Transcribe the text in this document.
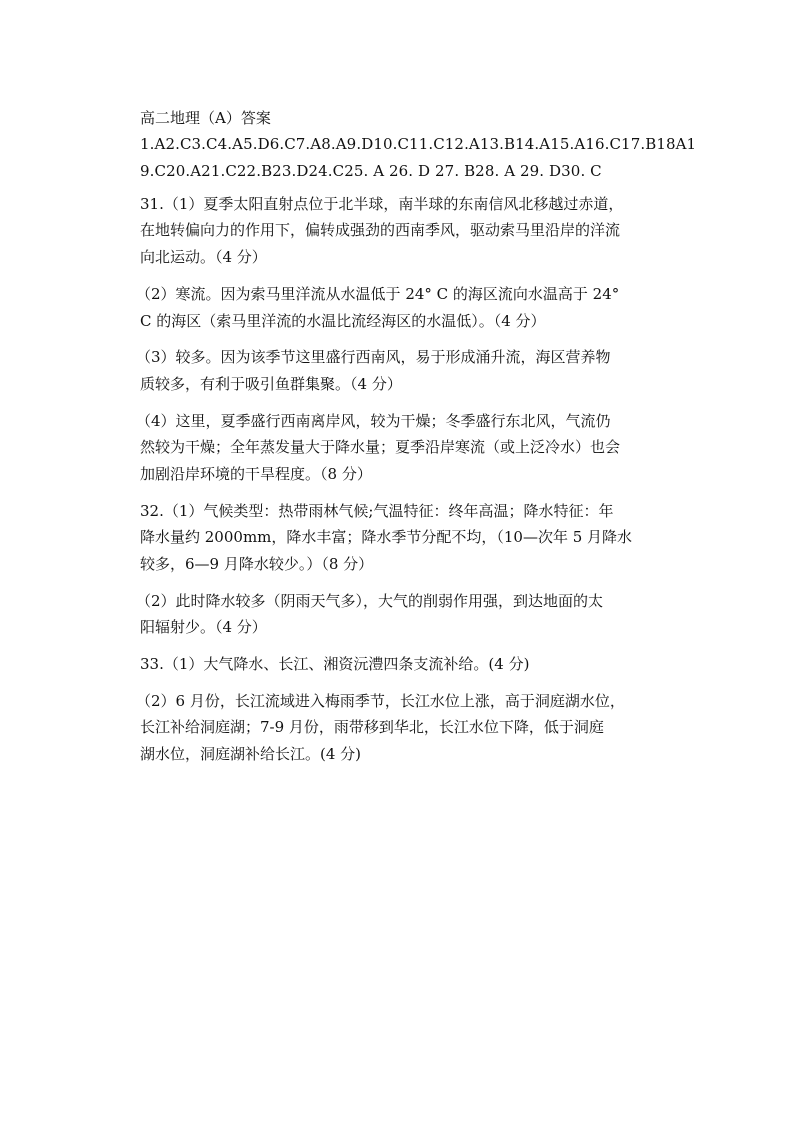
高二地理（A）答案

1.A2.C3.C4.A5.D6.C7.A8.A9.D10.C11.C12.A13.B14.A15.A16.C17.B18A1

9.C20.A21.C22.B23.D24.C25. A 26. D 27. B28. A 29. D30. C

31.（1）夏季太阳直射点位于北半球，南半球的东南信风北移越过赤道，

在地转偏向力的作用下，偏转成强劲的西南季风，驱动索马里沿岸的洋流

向北运动。（4 分）

（2）寒流。因为索马里洋流从水温低于 24° C 的海区流向水温高于 24°

C 的海区（索马里洋流的水温比流经海区的水温低）。（4 分）

（3）较多。因为该季节这里盛行西南风，易于形成涌升流，海区营养物

质较多，有利于吸引鱼群集聚。（4 分）

（4）这里，夏季盛行西南离岸风，较为干燥；冬季盛行东北风，气流仍

然较为干燥；全年蒸发量大于降水量；夏季沿岸寒流（或上泛冷水）也会

加剧沿岸环境的干旱程度。（8 分）

32.（1）气候类型：热带雨林气候;气温特征：终年高温；降水特征：年

降水量约 2000mm，降水丰富；降水季节分配不均，（10—次年 5 月降水

较多，6—9 月降水较少。）（8 分）

（2）此时降水较多（阴雨天气多），大气的削弱作用强，到达地面的太

阳辐射少。（4 分）

33.（1）大气降水、长江、湘资沅澧四条支流补给。(4 分)

（2）6 月份，长江流域进入梅雨季节，长江水位上涨，高于洞庭湖水位，

长江补给洞庭湖；7-9 月份，雨带移到华北，长江水位下降，低于洞庭

湖水位，洞庭湖补给长江。(4 分)
